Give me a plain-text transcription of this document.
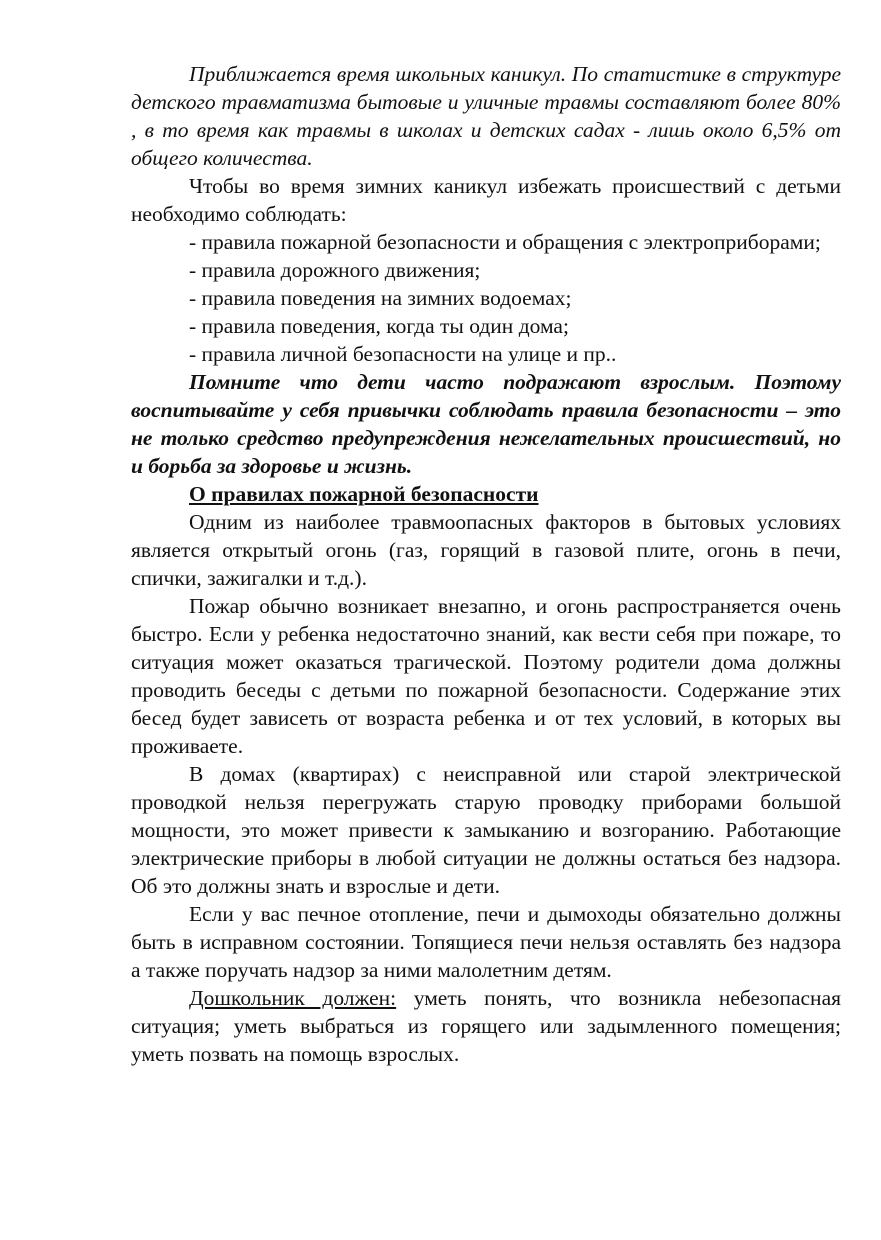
Приближается время школьных каникул. По статистике в структуре детского травматизма бытовые и уличные травмы составляют более 80% , в то время как травмы в школах и детских садах - лишь около 6,5% от общего количества.

Чтобы во время зимних каникул избежать происшествий с детьми необходимо соблюдать:

- правила пожарной безопасности и обращения с электроприборами;

- правила дорожного движения;

- правила поведения на зимних водоемах;

- правила поведения, когда ты один дома;

- правила личной безопасности на улице и пр..

Помните что дети часто подражают взрослым. Поэтому воспитывайте у себя привычки соблюдать правила безопасности – это не только средство предупреждения нежелательных происшествий, но и борьба за здоровье и жизнь.

О правилах пожарной безопасности

Одним из наиболее травмоопасных факторов в бытовых условиях является открытый огонь (газ, горящий в газовой плите, огонь в печи, спички, зажигалки и т.д.).

Пожар обычно возникает внезапно, и огонь распространяется очень быстро. Если у ребенка недостаточно знаний, как вести себя при пожаре, то ситуация может оказаться трагической. Поэтому родители дома должны проводить беседы с детьми по пожарной безопасности. Содержание этих бесед будет зависеть от возраста ребенка и от тех условий, в которых вы проживаете.

В домах (квартирах) с неисправной или старой электрической проводкой нельзя перегружать старую проводку приборами большой мощности, это может привести к замыканию и возгоранию. Работающие электрические приборы в любой ситуации не должны остаться без надзора. Об это должны знать и взрослые и дети.

Если у вас печное отопление, печи и дымоходы обязательно должны быть в исправном состоянии. Топящиеся печи нельзя оставлять без надзора а также поручать надзор за ними малолетним детям.

Дошкольник должен: уметь понять, что возникла небезопасная ситуация; уметь выбраться из горящего или задымленного помещения; уметь позвать на помощь взрослых.
